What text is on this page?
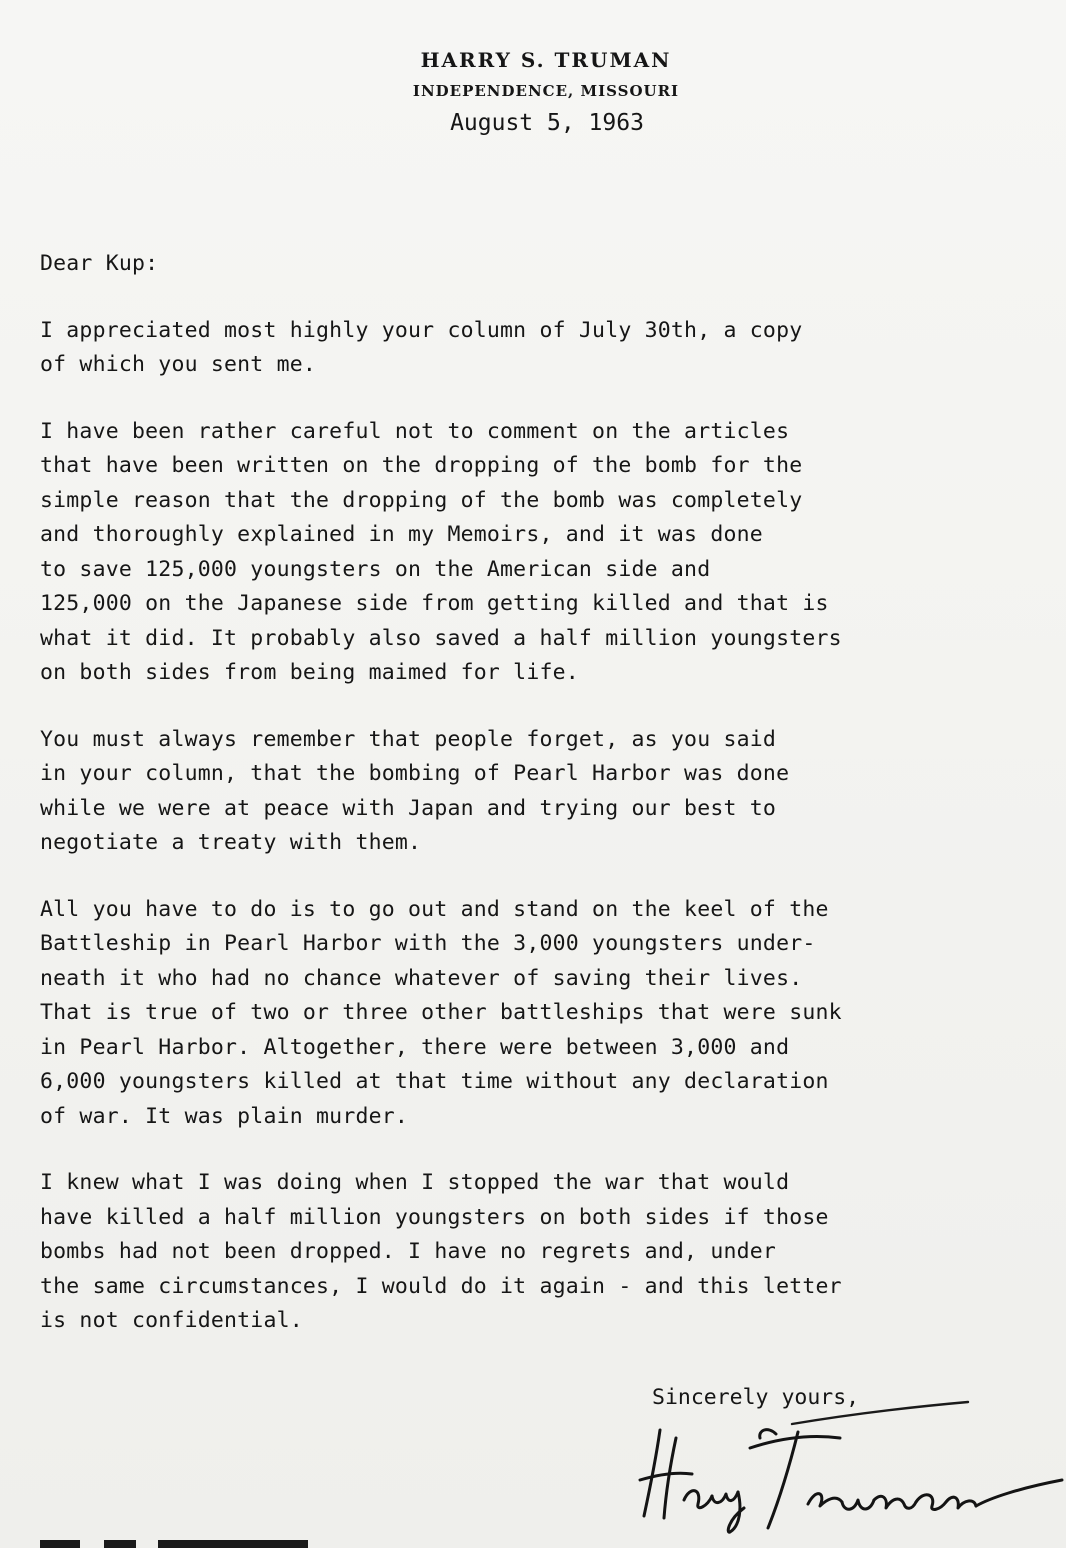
HARRY S. TRUMAN
INDEPENDENCE, MISSOURI
August 5, 1963
Dear Kup:
I appreciated most highly your column of July 30th, a copy
of which you sent me.
I have been rather careful not to comment on the articles
that have been written on the dropping of the bomb for the
simple reason that the dropping of the bomb was completely
and thoroughly explained in my Memoirs, and it was done
to save 125,000 youngsters on the American side and
125,000 on the Japanese side from getting killed and that is
what it did. It probably also saved a half million youngsters
on both sides from being maimed for life.
You must always remember that people forget, as you said
in your column, that the bombing of Pearl Harbor was done
while we were at peace with Japan and trying our best to
negotiate a treaty with them.
All you have to do is to go out and stand on the keel of the
Battleship in Pearl Harbor with the 3,000 youngsters under-
neath it who had no chance whatever of saving their lives.
That is true of two or three other battleships that were sunk
in Pearl Harbor. Altogether, there were between 3,000 and
6,000 youngsters killed at that time without any declaration
of war. It was plain murder.
I knew what I was doing when I stopped the war that would
have killed a half million youngsters on both sides if those
bombs had not been dropped. I have no regrets and, under
the same circumstances, I would do it again - and this letter
is not confidential.
Sincerely yours,
